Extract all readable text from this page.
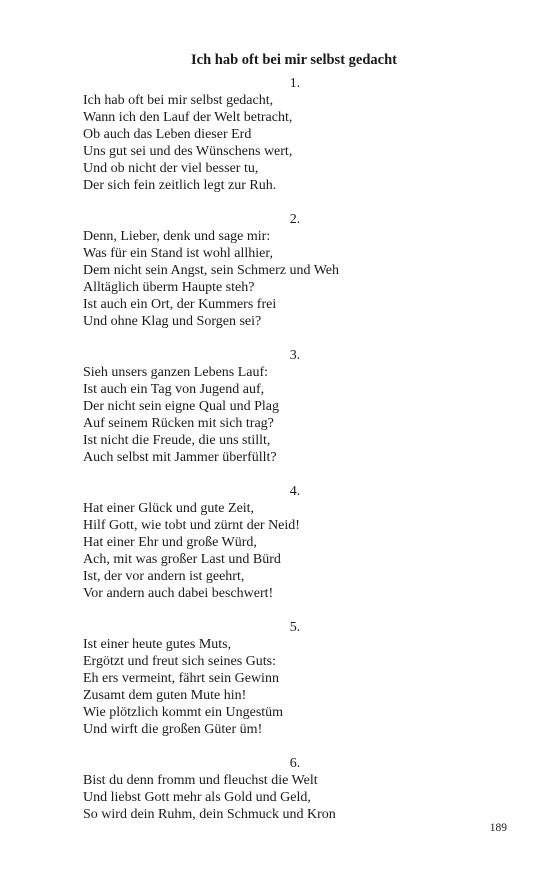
Ich hab oft bei mir selbst gedacht
1.
Ich hab oft bei mir selbst gedacht,
Wann ich den Lauf der Welt betracht,
Ob auch das Leben dieser Erd
Uns gut sei und des Wünschens wert,
Und ob nicht der viel besser tu,
Der sich fein zeitlich legt zur Ruh.
2.
Denn, Lieber, denk und sage mir:
Was für ein Stand ist wohl allhier,
Dem nicht sein Angst, sein Schmerz und Weh
Alltäglich überm Haupte steh?
Ist auch ein Ort, der Kummers frei
Und ohne Klag und Sorgen sei?
3.
Sieh unsers ganzen Lebens Lauf:
Ist auch ein Tag von Jugend auf,
Der nicht sein eigne Qual und Plag
Auf seinem Rücken mit sich trag?
Ist nicht die Freude, die uns stillt,
Auch selbst mit Jammer überfüllt?
4.
Hat einer Glück und gute Zeit,
Hilf Gott, wie tobt und zürnt der Neid!
Hat einer Ehr und große Würd,
Ach, mit was großer Last und Bürd
Ist, der vor andern ist geehrt,
Vor andern auch dabei beschwert!
5.
Ist einer heute gutes Muts,
Ergötzt und freut sich seines Guts:
Eh ers vermeint, fährt sein Gewinn
Zusamt dem guten Mute hin!
Wie plötzlich kommt ein Ungestüm
Und wirft die großen Güter üm!
6.
Bist du denn fromm und fleuchst die Welt
Und liebst Gott mehr als Gold und Geld,
So wird dein Ruhm, dein Schmuck und Kron
189
